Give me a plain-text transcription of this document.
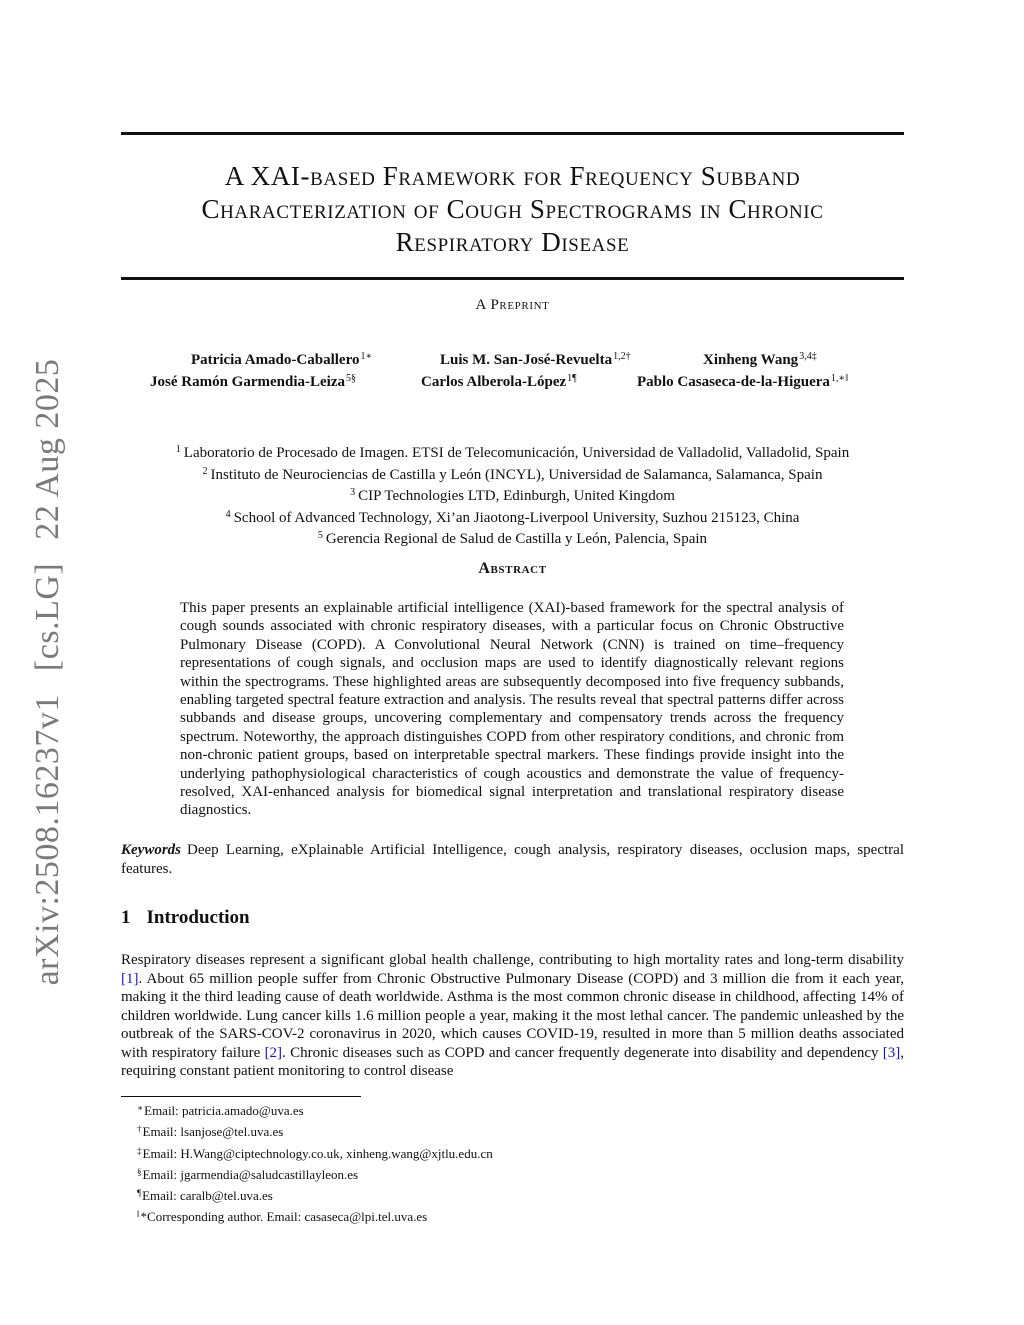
arXiv:2508.16237v1 [cs.LG] 22 Aug 2025
A XAI-based Framework for Frequency Subband
Characterization of Cough Spectrograms in Chronic
Respiratory Disease
A Preprint
Patricia Amado-Caballero$^{1∗}$	Luis M. San-José-Revuelta$^{1,2\dagger}$	Xinheng Wang$^{3,4\ddagger}$
José Ramón Garmendia-Leiza$^{5\S}$	Carlos Alberola-López$^{1\P}$	Pablo Casaseca-de-la-Higuera$^{1,∗‖}$
$^1$ Laboratorio de Procesado de Imagen. ETSI de Telecomunicación, Universidad de Valladolid, Valladolid, Spain
$^2$ Instituto de Neurociencias de Castilla y León (INCYL), Universidad de Salamanca, Salamanca, Spain
$^3$ CIP Technologies LTD, Edinburgh, United Kingdom
$^4$ School of Advanced Technology, Xi’an Jiaotong-Liverpool University, Suzhou 215123, China
$^5$ Gerencia Regional de Salud de Castilla y León, Palencia, Spain
Abstract

This paper presents an explainable artificial intelligence (XAI)-based framework for the spectral analysis of cough sounds associated with chronic respiratory diseases, with a particular focus on Chronic Obstructive Pulmonary Disease (COPD). A Convolutional Neural Network (CNN) is trained on time–frequency representations of cough signals, and occlusion maps are used to identify diagnostically relevant regions within the spectrograms. These highlighted areas are subsequently decomposed into five frequency subbands, enabling targeted spectral feature extraction and analysis. The results reveal that spectral patterns differ across subbands and disease groups, uncovering complementary and compensatory trends across the frequency spectrum. Noteworthy, the approach distinguishes COPD from other respiratory conditions, and chronic from non-chronic patient groups, based on interpretable spectral markers. These findings provide insight into the underlying pathophysiological characteristics of cough acoustics and demonstrate the value of frequency-resolved, XAI-enhanced analysis for biomedical signal interpretation and translational respiratory disease diagnostics.

Keywords Deep Learning, eXplainable Artificial Intelligence, cough analysis, respiratory diseases, occlusion maps, spectral features.

1 Introduction

Respiratory diseases represent a significant global health challenge, contributing to high mortality rates and long-term disability [1]. About 65 million people suffer from Chronic Obstructive Pulmonary Disease (COPD) and 3 million die from it each year, making it the third leading cause of death worldwide. Asthma is the most common chronic disease in childhood, affecting 14% of children worldwide. Lung cancer kills 1.6 million people a year, making it the most lethal cancer. The pandemic unleashed by the outbreak of the SARS-COV-2 coronavirus in 2020, which causes COVID-19, resulted in more than 5 million deaths associated with respiratory failure [2]. Chronic diseases such as COPD and cancer frequently degenerate into disability and dependency [3], requiring constant patient monitoring to control disease

∗Email: patricia.amado@uva.es
†Email: lsanjose@tel.uva.es
‡Email: H.Wang@ciptechnology.co.uk, xinheng.wang@xjtlu.edu.cn
§Email: jgarmendia@saludcastillayleon.es
¶Email: caralb@tel.uva.es
‖*Corresponding author. Email: casaseca@lpi.tel.uva.es
